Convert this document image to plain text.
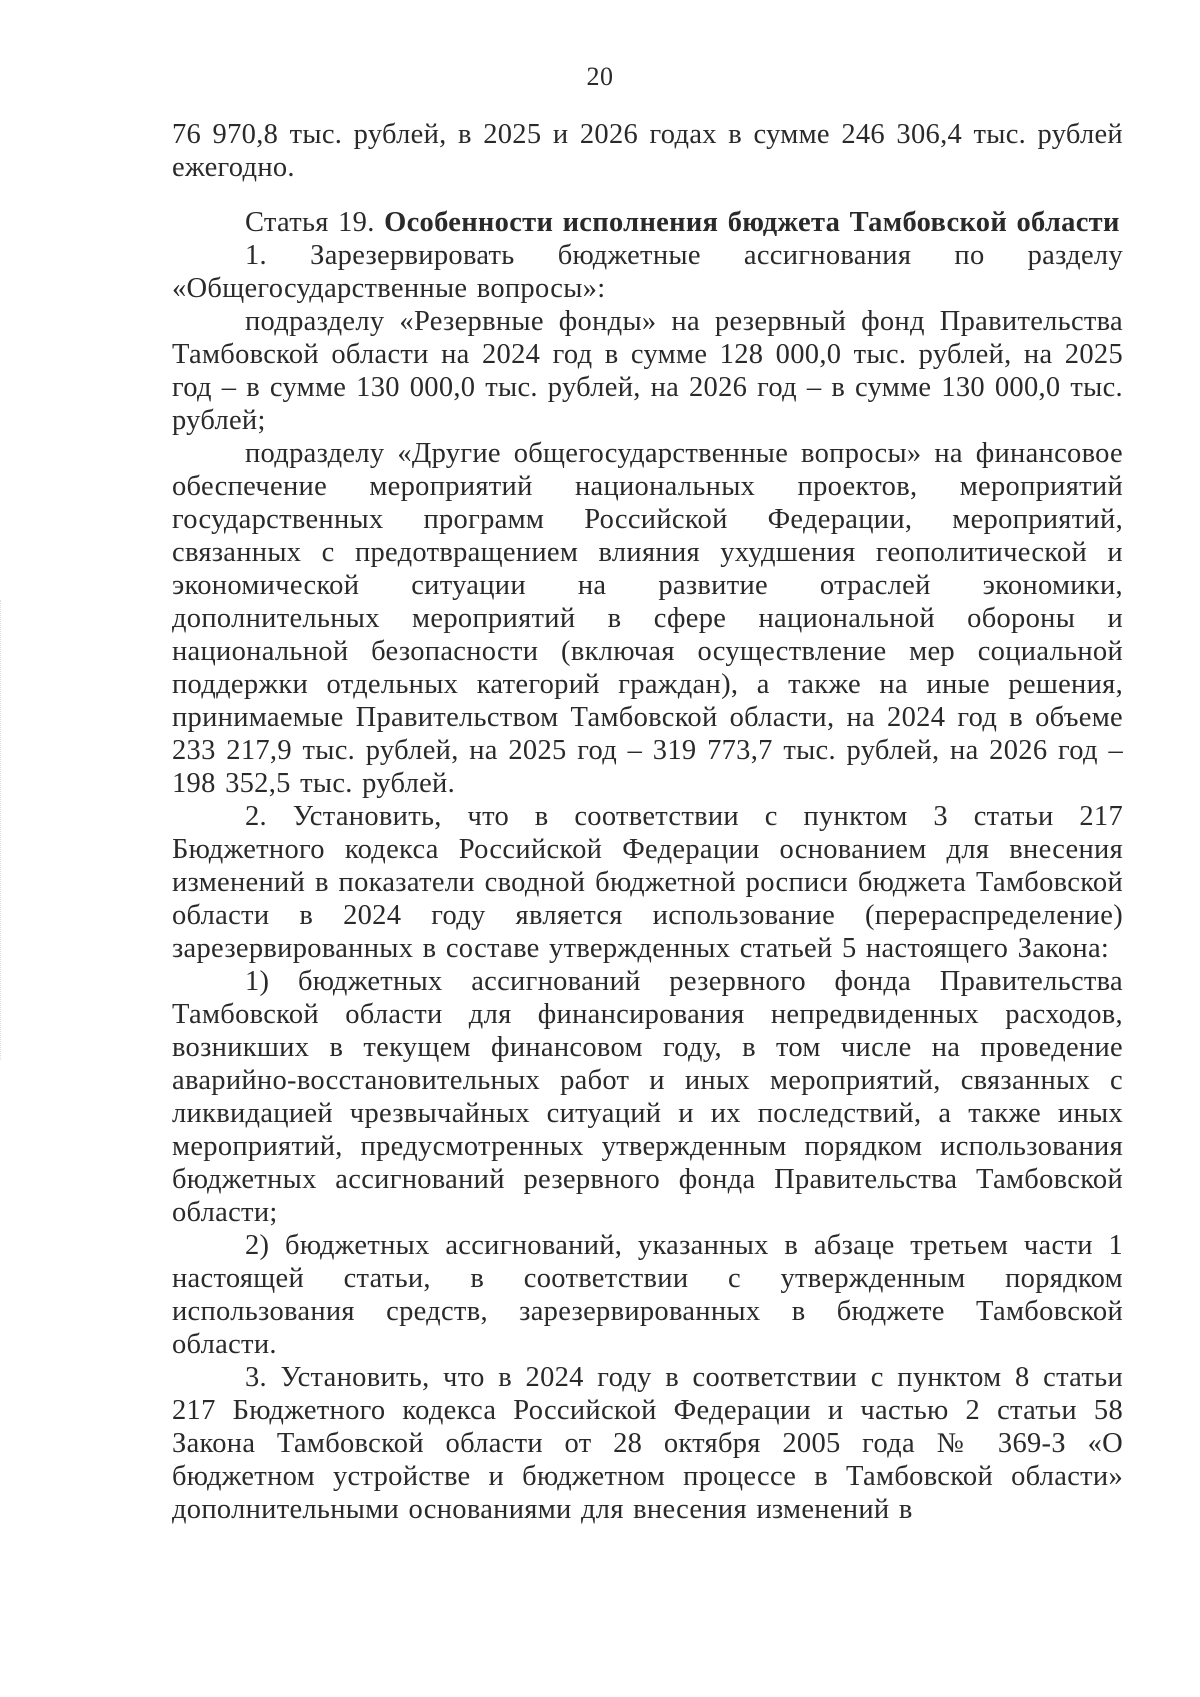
20

76 970,8 тыс. рублей, в 2025 и 2026 годах в сумме 246 306,4 тыс. рублей ежегодно.

Статья 19. Особенности исполнения бюджета Тамбовской области

1. Зарезервировать бюджетные ассигнования по разделу «Общегосударственные вопросы»:

подразделу «Резервные фонды» на резервный фонд Правительства Тамбовской области на 2024 год в сумме 128 000,0 тыс. рублей, на 2025 год – в сумме 130 000,0 тыс. рублей, на 2026 год – в сумме 130 000,0 тыс. рублей;

подразделу «Другие общегосударственные вопросы» на финансовое обеспечение мероприятий национальных проектов, мероприятий государственных программ Российской Федерации, мероприятий, связанных с предотвращением влияния ухудшения геополитической и экономической ситуации на развитие отраслей экономики, дополнительных мероприятий в сфере национальной обороны и национальной безопасности (включая осуществление мер социальной поддержки отдельных категорий граждан), а также на иные решения, принимаемые Правительством Тамбовской области, на 2024 год в объеме 233 217,9 тыс. рублей, на 2025 год – 319 773,7 тыс. рублей, на 2026 год – 198 352,5 тыс. рублей.

2. Установить, что в соответствии с пунктом 3 статьи 217 Бюджетного кодекса Российской Федерации основанием для внесения изменений в показатели сводной бюджетной росписи бюджета Тамбовской области в 2024 году является использование (перераспределение) зарезервированных в составе утвержденных статьей 5 настоящего Закона:

1) бюджетных ассигнований резервного фонда Правительства Тамбовской области для финансирования непредвиденных расходов, возникших в текущем финансовом году, в том числе на проведение аварийно-восстановительных работ и иных мероприятий, связанных с ликвидацией чрезвычайных ситуаций и их последствий, а также иных мероприятий, предусмотренных утвержденным порядком использования бюджетных ассигнований резервного фонда Правительства Тамбовской области;

2) бюджетных ассигнований, указанных в абзаце третьем части 1 настоящей статьи, в соответствии с утвержденным порядком использования средств, зарезервированных в бюджете Тамбовской области.

3. Установить, что в 2024 году в соответствии с пунктом 8 статьи 217 Бюджетного кодекса Российской Федерации и частью 2 статьи 58 Закона Тамбовской области от 28 октября 2005 года № 369-З «О бюджетном устройстве и бюджетном процессе в Тамбовской области» дополнительными основаниями для внесения изменений в
